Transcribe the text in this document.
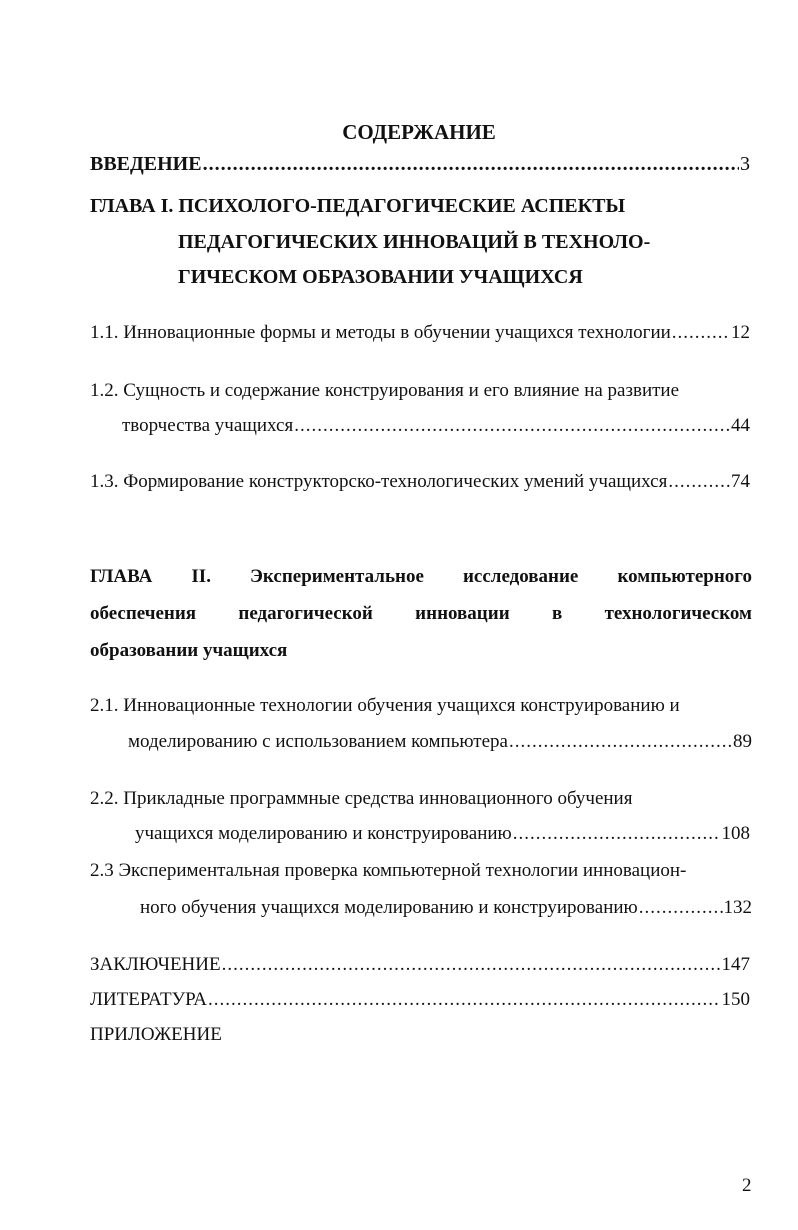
СОДЕРЖАНИЕ
ВВЕДЕНИЕ .....	3
ГЛАВА I. ПСИХОЛОГО-ПЕДАГОГИЧЕСКИЕ АСПЕКТЫ
ПЕДАГОГИЧЕСКИХ ИННОВАЦИЙ В ТЕХНОЛО-
ГИЧЕСКОМ ОБРАЗОВАНИИ УЧАЩИХСЯ
1.1. Инновационные формы и методы в обучении учащихся технологии .....	12
1.2. Сущность и содержание конструирования и его влияние на развитие
творчества учащихся .....	44
1.3. Формирование конструкторско-технологических умений учащихся .....	74
ГЛАВА II. Экспериментальное исследование компьютерного
обеспечения педагогической инновации в технологическом
образовании учащихся
2.1. Инновационные технологии обучения учащихся конструированию и
моделированию с использованием компьютера .....	89
2.2. Прикладные программные средства инновационного обучения
учащихся моделированию и конструированию .....	108
2.3 Экспериментальная проверка компьютерной технологии инновацион-
ного обучения учащихся моделированию и конструированию .....	132
ЗАКЛЮЧЕНИЕ .....	147
ЛИТЕРАТУРА .....	150
ПРИЛОЖЕНИЕ
2
